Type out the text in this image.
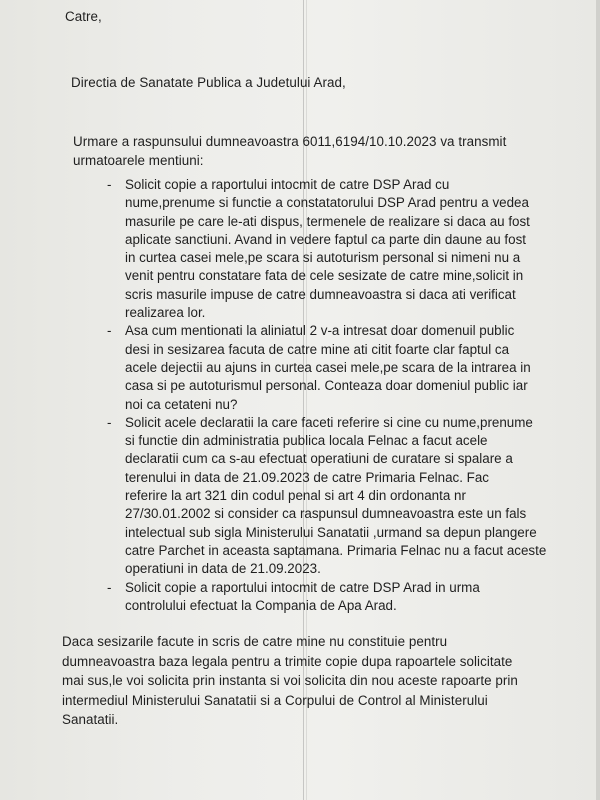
Catre,
Directia de Sanatate Publica a Judetului Arad,
Urmare a raspunsului dumneavoastra 6011,6194/10.10.2023 va transmit
urmatoarele mentiuni:
- Solicit copie a raportului intocmit de catre DSP Arad cu
nume,prenume si functie a constatatorului DSP Arad pentru a vedea
masurile pe care le-ati dispus, termenele de realizare si daca au fost
aplicate sanctiuni. Avand in vedere faptul ca parte din daune au fost
in curtea casei mele,pe scara si autoturism personal si nimeni nu a
venit pentru constatare fata de cele sesizate de catre mine,solicit in
scris masurile impuse de catre dumneavoastra si daca ati verificat
realizarea lor.
- Asa cum mentionati la aliniatul 2 v-a intresat doar domenuil public
desi in sesizarea facuta de catre mine ati citit foarte clar faptul ca
acele dejectii au ajuns in curtea casei mele,pe scara de la intrarea in
casa si pe autoturismul personal. Conteaza doar domeniul public iar
noi ca cetateni nu?
- Solicit acele declaratii la care faceti referire si cine cu nume,prenume
si functie din administratia publica locala Felnac a facut acele
declaratii cum ca s-au efectuat operatiuni de curatare si spalare a
terenului in data de 21.09.2023 de catre Primaria Felnac. Fac
referire la art 321 din codul penal si art 4 din ordonanta nr
27/30.01.2002 si consider ca raspunsul dumneavoastra este un fals
intelectual sub sigla Ministerului Sanatatii ,urmand sa depun plangere
catre Parchet in aceasta saptamana. Primaria Felnac nu a facut aceste
operatiuni in data de 21.09.2023.
- Solicit copie a raportului intocmit de catre DSP Arad in urma
controlului efectuat la Compania de Apa Arad.
Daca sesizarile facute in scris de catre mine nu constituie pentru
dumneavoastra baza legala pentru a trimite copie dupa rapoartele solicitate
mai sus,le voi solicita prin instanta si voi solicita din nou aceste rapoarte prin
intermediul Ministerului Sanatatii si a Corpului de Control al Ministerului
Sanatatii.
